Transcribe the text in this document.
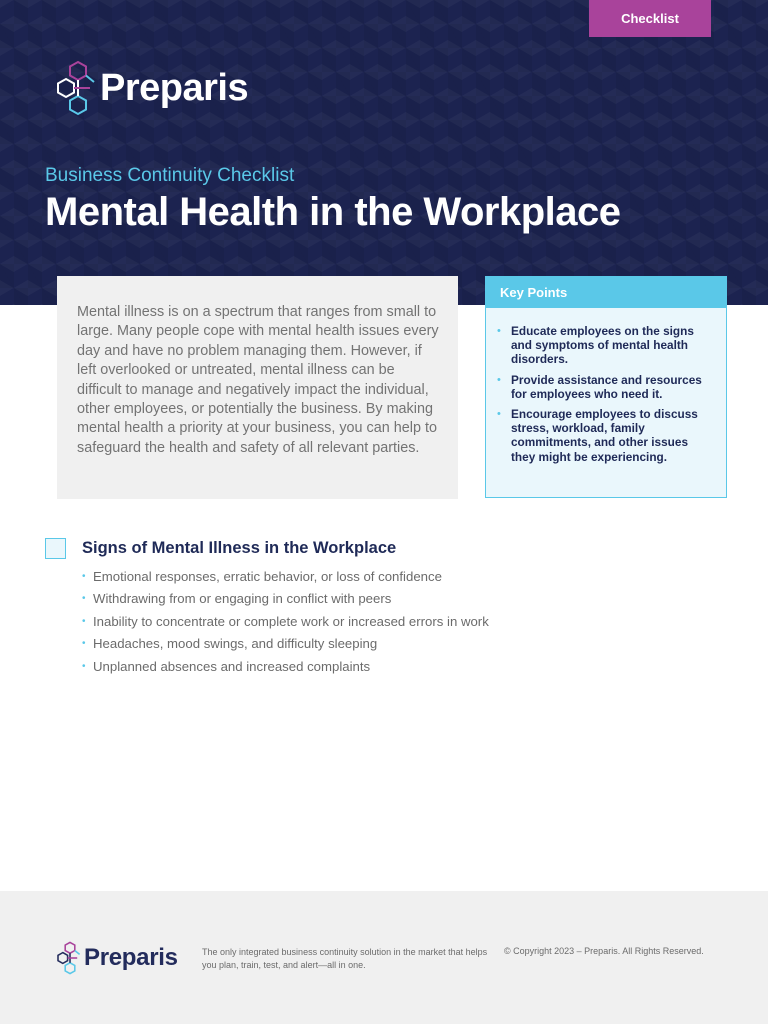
Checklist
Preparis
Business Continuity Checklist
Mental Health in the Workplace

Mental illness is on a spectrum that ranges from small to large. Many people cope with mental health issues every day and have no problem managing them. However, if left overlooked or untreated, mental illness can be difficult to manage and negatively impact the individual, other employees, or potentially the business. By making mental health a priority at your business, you can help to safeguard the health and safety of all relevant parties.

Key Points
• Educate employees on the signs and symptoms of mental health disorders.
• Provide assistance and resources for employees who need it.
• Encourage employees to discuss stress, workload, family commitments, and other issues they might be experiencing.
Signs of Mental Illness in the Workplace
• Emotional responses, erratic behavior, or loss of confidence
• Withdrawing from or engaging in conflict with peers
• Inability to concentrate or complete work or increased errors in work
• Headaches, mood swings, and difficulty sleeping
• Unplanned absences and increased complaints
Preparis	The only integrated business continuity solution in the market that helps you plan, train, test, and alert—all in one.

© Copyright 2023 – Preparis. All Rights Reserved.
